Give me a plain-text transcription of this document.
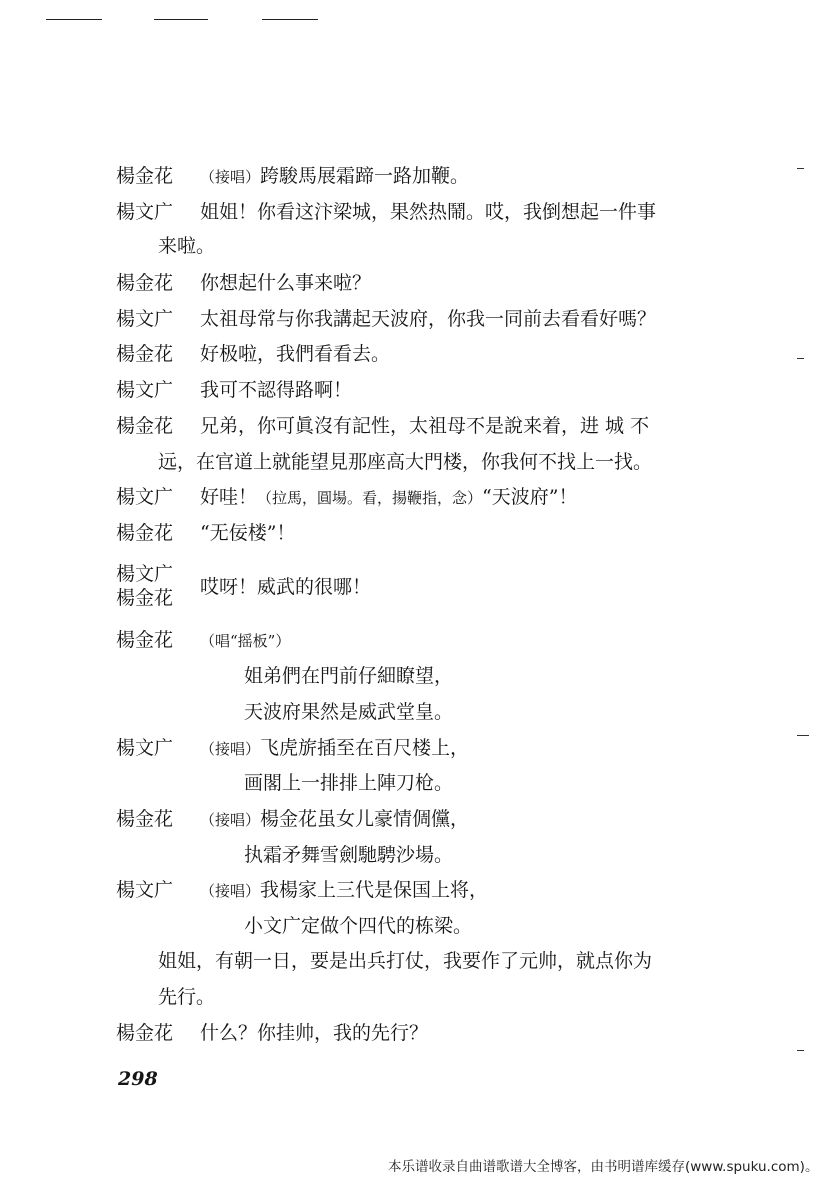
楊金花 （接唱）跨駿馬展霜蹄一路加鞭。
楊文广 姐姐！你看这汴梁城，果然热鬧。哎，我倒想起一件事
来啦。
楊金花 你想起什么事来啦？
楊文广 太祖母常与你我講起天波府，你我一同前去看看好嗎？
楊金花 好极啦，我們看看去。
楊文广 我可不認得路啊！
楊金花 兄弟，你可眞沒有記性，太祖母不是說来着，进 城 不
远，在官道上就能望見那座高大門楼，你我何不找上一找。
楊文广 好哇！（拉馬，圓場。看，揚鞭指，念）“天波府”！
楊金花 “无佞楼”！
楊文广
楊金花 哎呀！威武的很哪！
楊金花 （唱“摇板”）
姐弟們在門前仔細瞭望，
天波府果然是威武堂皇。
楊文广 （接唱）飞虎旂插至在百尺楼上，
画閣上一排排上陣刀枪。
楊金花 （接唱）楊金花虽女儿豪情倜儻，
执霜矛舞雪劍馳騁沙場。
楊文广 （接唱）我楊家上三代是保国上将，
小文广定做个四代的栋梁。
姐姐，有朝一日，要是出兵打仗，我要作了元帅，就点你为
先行。
楊金花 什么？你挂帅，我的先行？
298
本乐谱收录自曲谱歌谱大全博客，由书明谱库缓存(www.spuku.com)。
